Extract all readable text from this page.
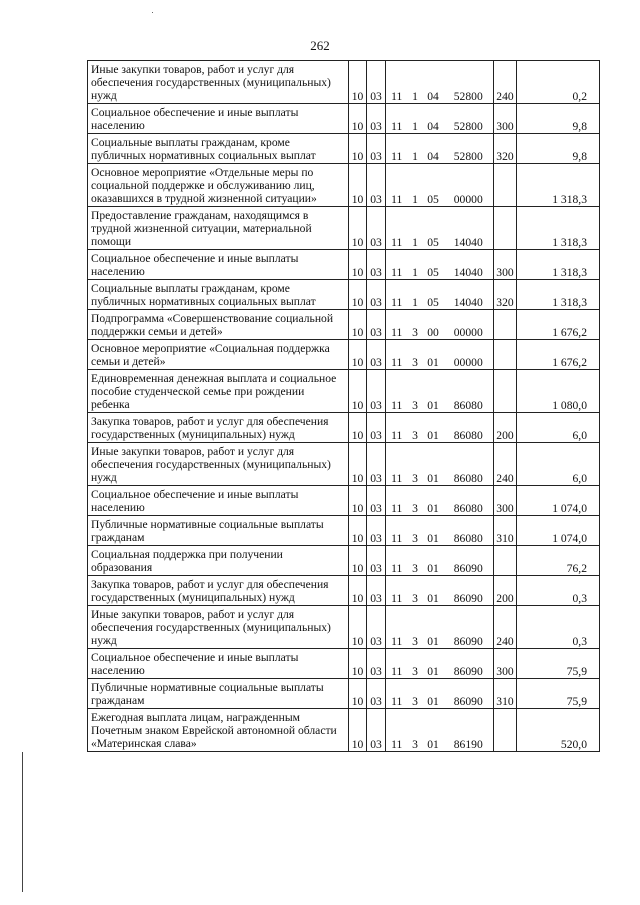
262
Иные закупки товаров, работ и услуг для обеспечения государственных (муниципальных) нужд	10	03	11	1	04	52800	240	0,2
Социальное обеспечение и иные выплаты населению	10	03	11	1	04	52800	300	9,8
Социальные выплаты гражданам, кроме публичных нормативных социальных выплат	10	03	11	1	04	52800	320	9,8
Основное мероприятие «Отдельные меры по социальной поддержке и обслуживанию лиц, оказавшихся в трудной жизненной ситуации»	10	03	11	1	05	00000		1 318,3
Предоставление гражданам, находящимся в трудной жизненной ситуации, материальной помощи	10	03	11	1	05	14040		1 318,3
Социальное обеспечение и иные выплаты населению	10	03	11	1	05	14040	300	1 318,3
Социальные выплаты гражданам, кроме публичных нормативных социальных выплат	10	03	11	1	05	14040	320	1 318,3
Подпрограмма «Совершенствование социальной поддержки семьи и детей»	10	03	11	3	00	00000		1 676,2
Основное мероприятие «Социальная поддержка семьи и детей»	10	03	11	3	01	00000		1 676,2
Единовременная денежная выплата и социальное пособие студенческой семье при рождении ребенка	10	03	11	3	01	86080		1 080,0
Закупка товаров, работ и услуг для обеспечения государственных (муниципальных) нужд	10	03	11	3	01	86080	200	6,0
Иные закупки товаров, работ и услуг для обеспечения государственных (муниципальных) нужд	10	03	11	3	01	86080	240	6,0
Социальное обеспечение и иные выплаты населению	10	03	11	3	01	86080	300	1 074,0
Публичные нормативные социальные выплаты гражданам	10	03	11	3	01	86080	310	1 074,0
Социальная поддержка при получении образования	10	03	11	3	01	86090		76,2
Закупка товаров, работ и услуг для обеспечения государственных (муниципальных) нужд	10	03	11	3	01	86090	200	0,3
Иные закупки товаров, работ и услуг для обеспечения государственных (муниципальных) нужд	10	03	11	3	01	86090	240	0,3
Социальное обеспечение и иные выплаты населению	10	03	11	3	01	86090	300	75,9
Публичные нормативные социальные выплаты гражданам	10	03	11	3	01	86090	310	75,9
Ежегодная выплата лицам, награжденным Почетным знаком Еврейской автономной области «Материнская слава»	10	03	11	3	01	86190		520,0
